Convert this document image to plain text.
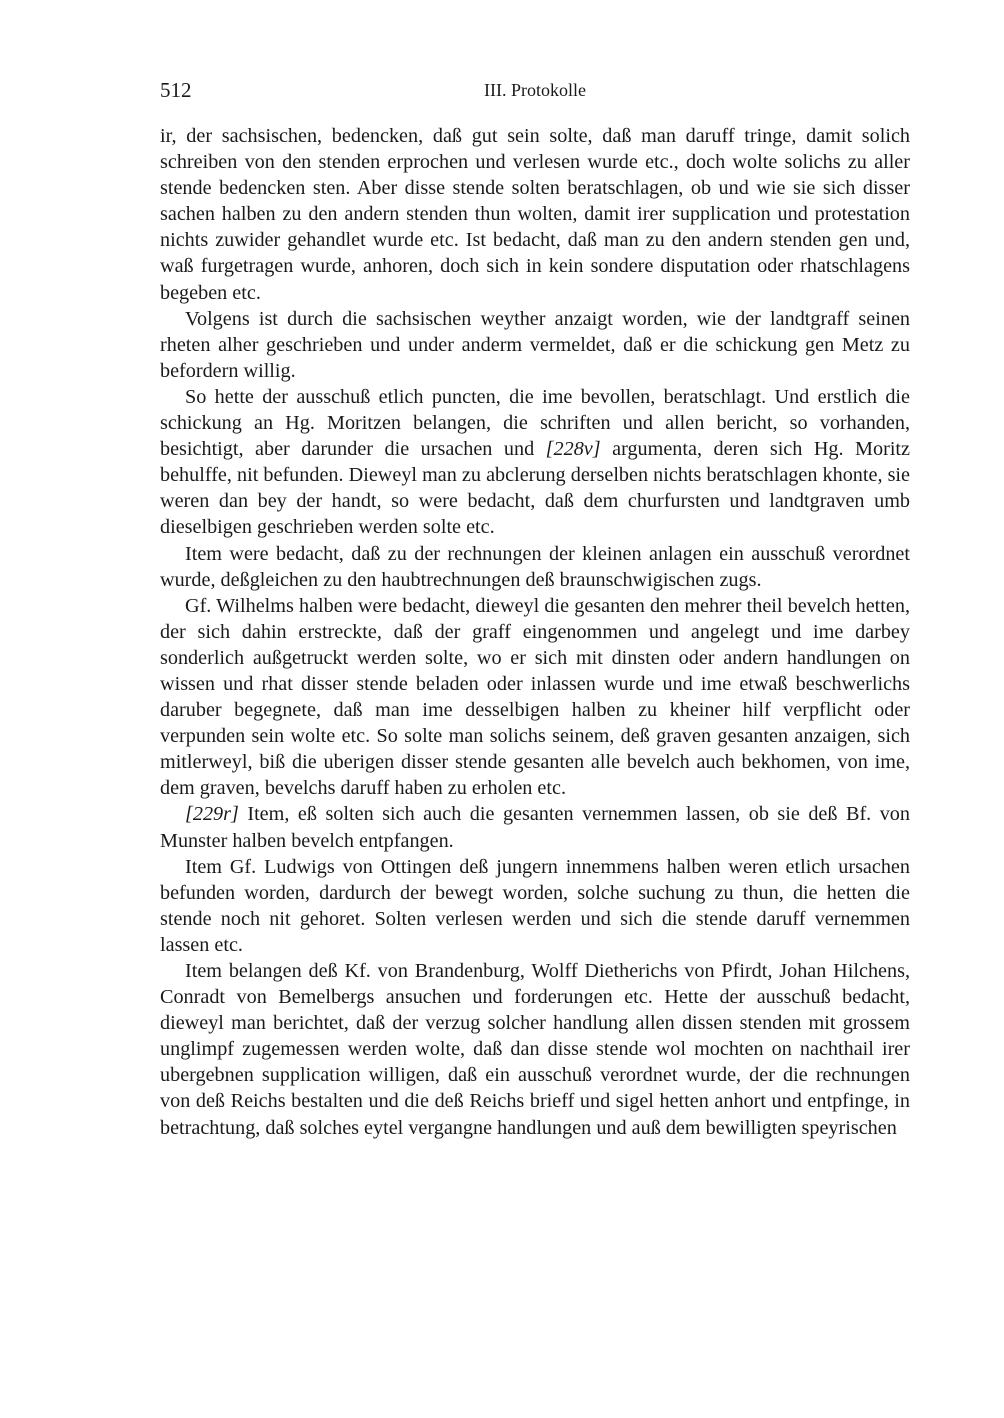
512	III. Protokolle

ir, der sachsischen, bedencken, daß gut sein solte, daß man daruff tringe, damit solich schreiben von den stenden erprochen und verlesen wurde etc., doch wolte solichs zu aller stende bedencken sten. Aber disse stende solten beratschlagen, ob und wie sie sich disser sachen halben zu den andern stenden thun wolten, damit irer supplication und protestation nichts zuwider gehandlet wurde etc. Ist bedacht, daß man zu den andern stenden gen und, waß furgetragen wurde, anhoren, doch sich in kein sondere disputation oder rhatschlagens begeben etc.

Volgens ist durch die sachsischen weyther anzaigt worden, wie der landtgraff seinen rheten alher geschrieben und under anderm vermeldet, daß er die schickung gen Metz zu befordern willig.

So hette der ausschuß etlich puncten, die ime bevollen, beratschlagt. Und erstlich die schickung an Hg. Moritzen belangen, die schriften und allen bericht, so vorhanden, besichtigt, aber darunder die ursachen und [228v] argumenta, deren sich Hg. Moritz behulffe, nit befunden. Dieweyl man zu abclerung derselben nichts beratschlagen khonte, sie weren dan bey der handt, so were bedacht, daß dem churfursten und landtgraven umb dieselbigen geschrieben werden solte etc.

Item were bedacht, daß zu der rechnungen der kleinen anlagen ein ausschuß verordnet wurde, deßgleichen zu den haubtrechnungen deß braunschwigischen zugs.

Gf. Wilhelms halben were bedacht, dieweyl die gesanten den mehrer theil bevelch hetten, der sich dahin erstreckte, daß der graff eingenommen und angelegt und ime darbey sonderlich außgetruckt werden solte, wo er sich mit dinsten oder andern handlungen on wissen und rhat disser stende beladen oder inlassen wurde und ime etwaß beschwerlichs daruber begegnete, daß man ime desselbigen halben zu kheiner hilf verpflicht oder verpunden sein wolte etc. So solte man solichs seinem, deß graven gesanten anzaigen, sich mitlerweyl, biß die uberigen disser stende gesanten alle bevelch auch bekhomen, von ime, dem graven, bevelchs daruff haben zu erholen etc.

[229r] Item, eß solten sich auch die gesanten vernemmen lassen, ob sie deß Bf. von Munster halben bevelch entpfangen.

Item Gf. Ludwigs von Ottingen deß jungern innemmens halben weren etlich ursachen befunden worden, dardurch der bewegt worden, solche suchung zu thun, die hetten die stende noch nit gehoret. Solten verlesen werden und sich die stende daruff vernemmen lassen etc.

Item belangen deß Kf. von Brandenburg, Wolff Dietherichs von Pfirdt, Johan Hilchens, Conradt von Bemelbergs ansuchen und forderungen etc. Hette der ausschuß bedacht, dieweyl man berichtet, daß der verzug solcher handlung allen dissen stenden mit grossem unglimpf zugemessen werden wolte, daß dan disse stende wol mochten on nachthail irer ubergebnen supplication willigen, daß ein ausschuß verordnet wurde, der die rechnungen von deß Reichs bestalten und die deß Reichs brieff und sigel hetten anhort und entpfinge, in betrachtung, daß solches eytel vergangne handlungen und auß dem bewilligten speyrischen
